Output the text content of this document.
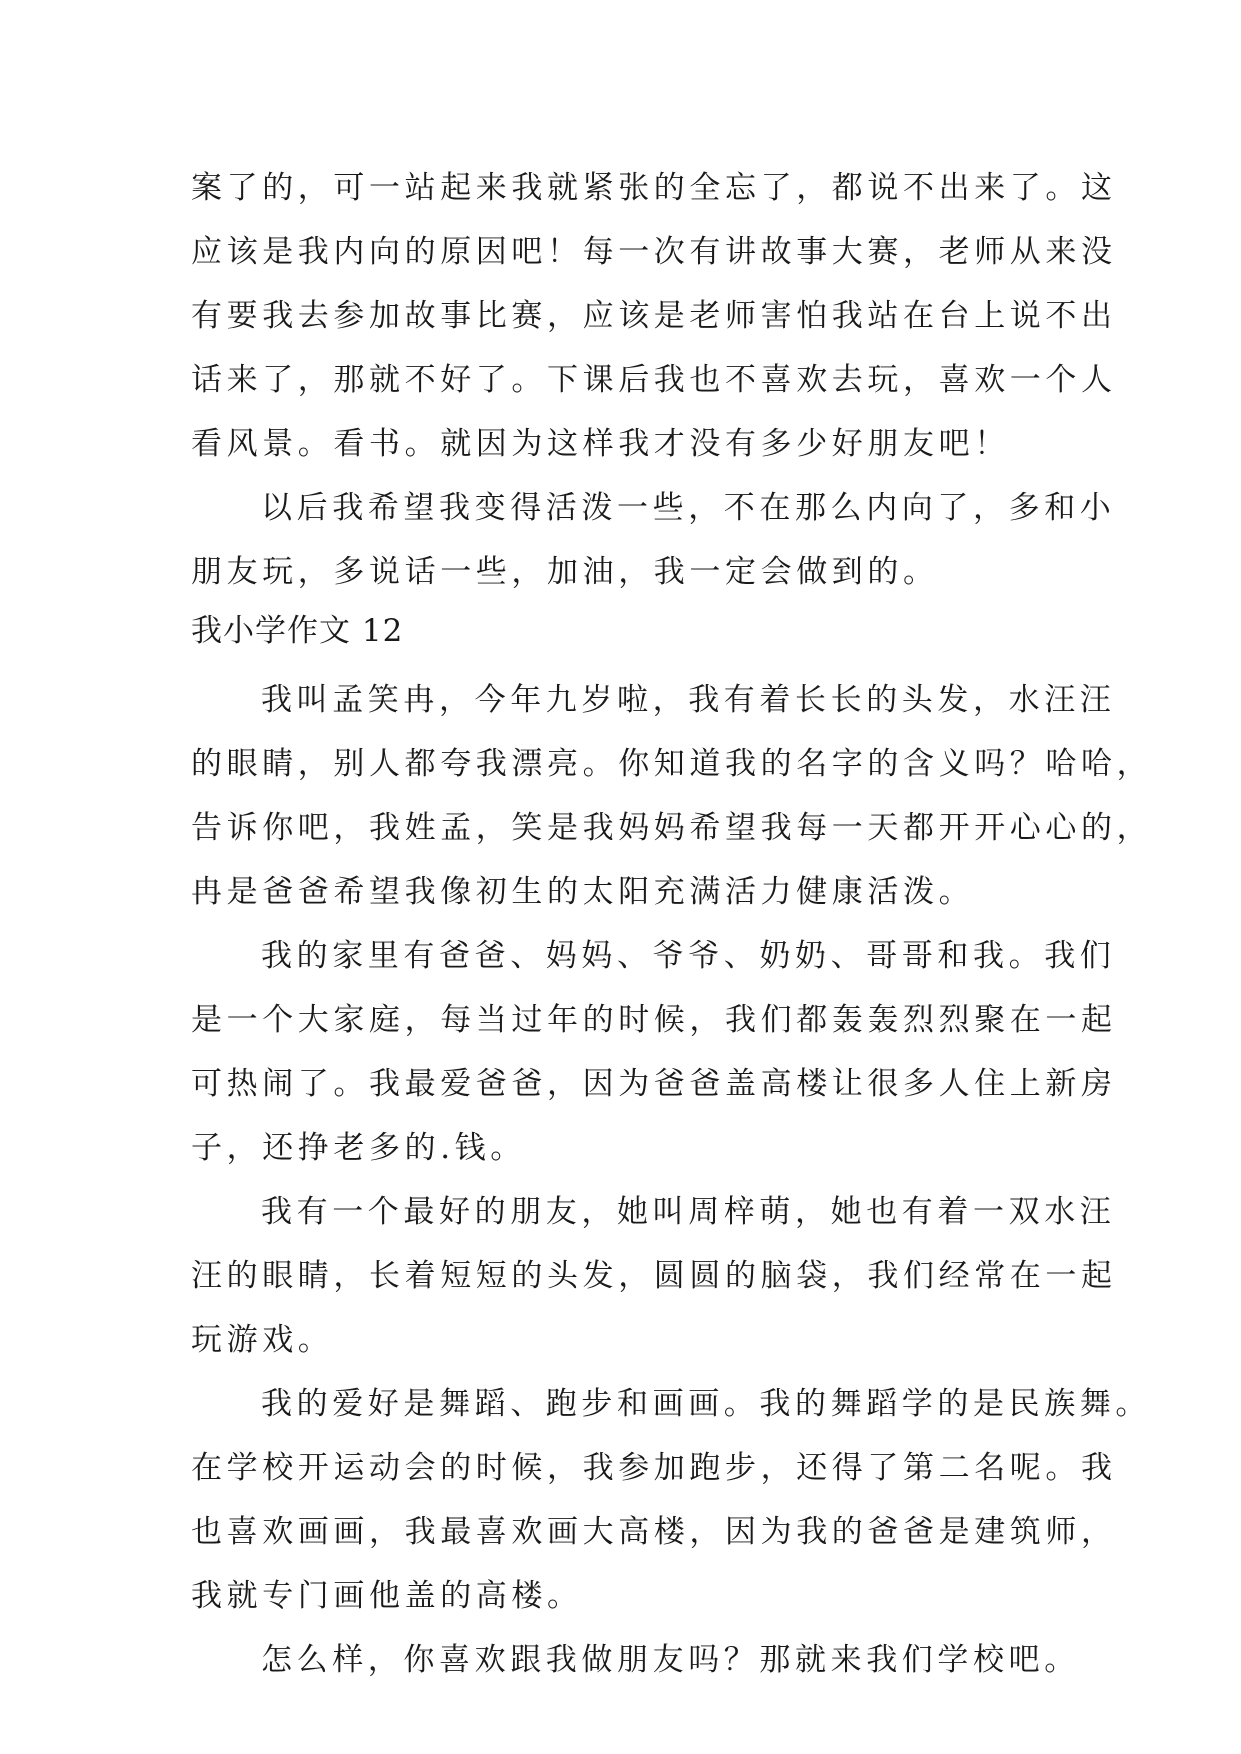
案了的，可一站起来我就紧张的全忘了，都说不出来了。这
应该是我内向的原因吧！每一次有讲故事大赛，老师从来没
有要我去参加故事比赛，应该是老师害怕我站在台上说不出
话来了，那就不好了。下课后我也不喜欢去玩，喜欢一个人
看风景。看书。就因为这样我才没有多少好朋友吧！
以后我希望我变得活泼一些，不在那么内向了，多和小
朋友玩，多说话一些，加油，我一定会做到的。
我小学作文 12
我叫孟笑冉，今年九岁啦，我有着长长的头发，水汪汪
的眼睛，别人都夸我漂亮。你知道我的名字的含义吗？哈哈，
告诉你吧，我姓孟，笑是我妈妈希望我每一天都开开心心的，
冉是爸爸希望我像初生的太阳充满活力健康活泼。
我的家里有爸爸、妈妈、爷爷、奶奶、哥哥和我。我们
是一个大家庭，每当过年的时候，我们都轰轰烈烈聚在一起
可热闹了。我最爱爸爸，因为爸爸盖高楼让很多人住上新房
子，还挣老多的.钱。
我有一个最好的朋友，她叫周梓萌，她也有着一双水汪
汪的眼睛，长着短短的头发，圆圆的脑袋，我们经常在一起
玩游戏。
我的爱好是舞蹈、跑步和画画。我的舞蹈学的是民族舞。
在学校开运动会的时候，我参加跑步，还得了第二名呢。我
也喜欢画画，我最喜欢画大高楼，因为我的爸爸是建筑师，
我就专门画他盖的高楼。
怎么样，你喜欢跟我做朋友吗？那就来我们学校吧。
